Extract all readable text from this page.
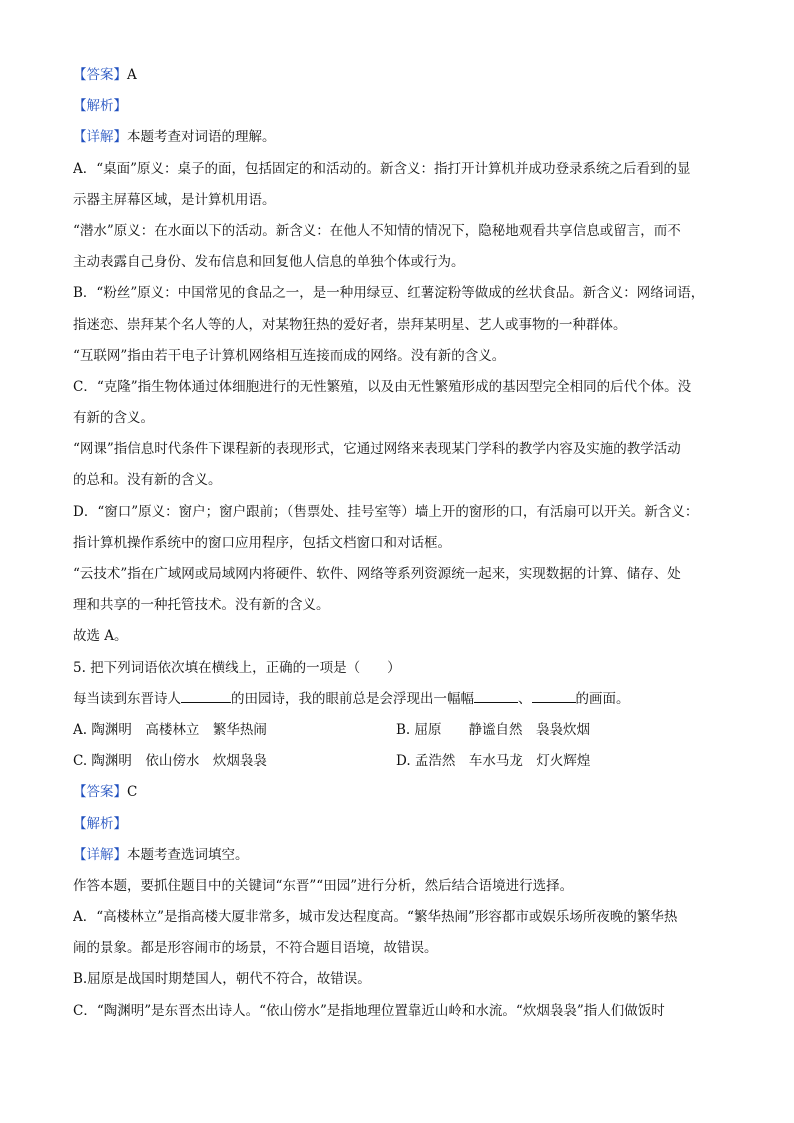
【答案】A
【解析】
【详解】本题考查对词语的理解。
A．“桌面”原义：桌子的面，包括固定的和活动的。新含义：指打开计算机并成功登录系统之后看到的显
示器主屏幕区域，是计算机用语。
“潜水”原义：在水面以下的活动。新含义：在他人不知情的情况下，隐秘地观看共享信息或留言，而不
主动表露自己身份、发布信息和回复他人信息的单独个体或行为。
B．“粉丝”原义：中国常见的食品之一，是一种用绿豆、红薯淀粉等做成的丝状食品。新含义：网络词语，
指迷恋、崇拜某个名人等的人，对某物狂热的爱好者，崇拜某明星、艺人或事物的一种群体。
“互联网”指由若干电子计算机网络相互连接而成的网络。没有新的含义。
C．“克隆”指生物体通过体细胞进行的无性繁殖，以及由无性繁殖形成的基因型完全相同的后代个体。没
有新的含义。
“网课”指信息时代条件下课程新的表现形式，它通过网络来表现某门学科的教学内容及实施的教学活动
的总和。没有新的含义。
D．“窗口”原义：窗户；窗户跟前；（售票处、挂号室等）墙上开的窗形的口，有活扇可以开关。新含义：
指计算机操作系统中的窗口应用程序，包括文档窗口和对话框。
“云技术”指在广域网或局域网内将硬件、软件、网络等系列资源统一起来，实现数据的计算、储存、处
理和共享的一种托管技术。没有新的含义。
故选 A。
5. 把下列词语依次填在横线上，正确的一项是（　　）
每当读到东晋诗人	的田园诗，我的眼前总是会浮现出一幅幅	、	的画面。
A. 陶渊明　高楼林立　繁华热闹	B. 屈原　　静谧自然　袅袅炊烟
C. 陶渊明　依山傍水　炊烟袅袅	D. 孟浩然　车水马龙　灯火辉煌
【答案】C
【解析】
【详解】本题考查选词填空。
作答本题，要抓住题目中的关键词“东晋”“田园”进行分析，然后结合语境进行选择。
A．“高楼林立”是指高楼大厦非常多，城市发达程度高。“繁华热闹”形容都市或娱乐场所夜晚的繁华热
闹的景象。都是形容闹市的场景，不符合题目语境，故错误。
B.屈原是战国时期楚国人，朝代不符合，故错误。
C．“陶渊明”是东晋杰出诗人。“依山傍水”是指地理位置靠近山岭和水流。“炊烟袅袅”指人们做饭时
